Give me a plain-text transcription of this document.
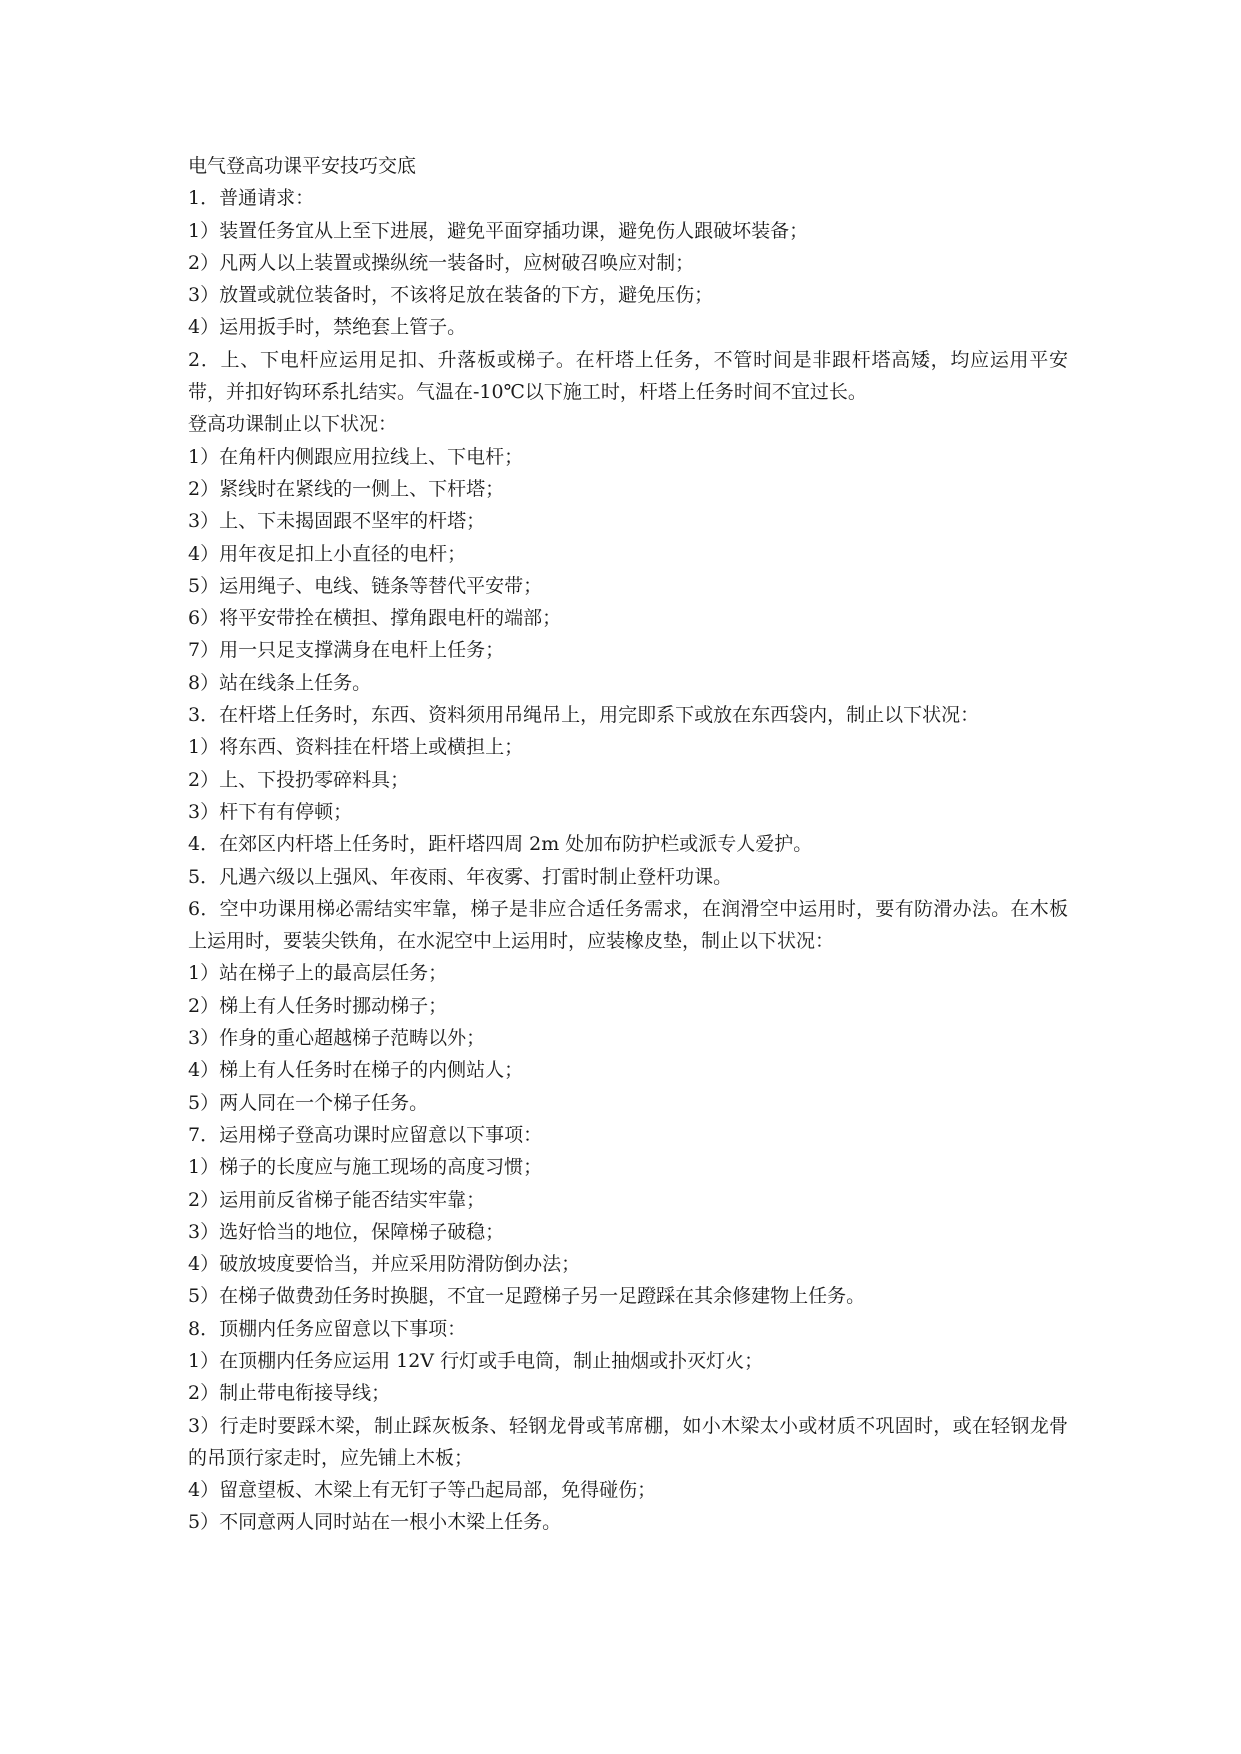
电气登高功课平安技巧交底
1．普通请求：
1）装置任务宜从上至下进展，避免平面穿插功课，避免伤人跟破坏装备；
2）凡两人以上装置或操纵统一装备时，应树破召唤应对制；
3）放置或就位装备时，不该将足放在装备的下方，避免压伤；
4）运用扳手时，禁绝套上管子。
2．上、下电杆应运用足扣、升落板或梯子。在杆塔上任务，不管时间是非跟杆塔高矮，均应运用平安带，并扣好钩环系扎结实。气温在-10℃以下施工时，杆塔上任务时间不宜过长。
登高功课制止以下状况：
1）在角杆内侧跟应用拉线上、下电杆；
2）紧线时在紧线的一侧上、下杆塔；
3）上、下未揭固跟不坚牢的杆塔；
4）用年夜足扣上小直径的电杆；
5）运用绳子、电线、链条等替代平安带；
6）将平安带拴在横担、撑角跟电杆的端部；
7）用一只足支撑满身在电杆上任务；
8）站在线条上任务。
3．在杆塔上任务时，东西、资料须用吊绳吊上，用完即系下或放在东西袋内，制止以下状况：
1）将东西、资料挂在杆塔上或横担上；
2）上、下投扔零碎料具；
3）杆下有有停顿；
4．在郊区内杆塔上任务时，距杆塔四周 2m 处加布防护栏或派专人爱护。
5．凡遇六级以上强风、年夜雨、年夜雾、打雷时制止登杆功课。
6．空中功课用梯必需结实牢靠，梯子是非应合适任务需求，在润滑空中运用时，要有防滑办法。在木板上运用时，要装尖铁角，在水泥空中上运用时，应装橡皮垫，制止以下状况：
1）站在梯子上的最高层任务；
2）梯上有人任务时挪动梯子；
3）作身的重心超越梯子范畴以外；
4）梯上有人任务时在梯子的内侧站人；
5）两人同在一个梯子任务。
7．运用梯子登高功课时应留意以下事项：
1）梯子的长度应与施工现场的高度习惯；
2）运用前反省梯子能否结实牢靠；
3）选好恰当的地位，保障梯子破稳；
4）破放坡度要恰当，并应采用防滑防倒办法；
5）在梯子做费劲任务时换腿，不宜一足蹬梯子另一足蹬踩在其余修建物上任务。
8．顶棚内任务应留意以下事项：
1）在顶棚内任务应运用 12V 行灯或手电筒，制止抽烟或扑灭灯火；
2）制止带电衔接导线；
3）行走时要踩木梁，制止踩灰板条、轻钢龙骨或苇席棚，如小木梁太小或材质不巩固时，或在轻钢龙骨的吊顶行家走时，应先铺上木板；
4）留意望板、木梁上有无钉子等凸起局部，免得碰伤；
5）不同意两人同时站在一根小木梁上任务。
